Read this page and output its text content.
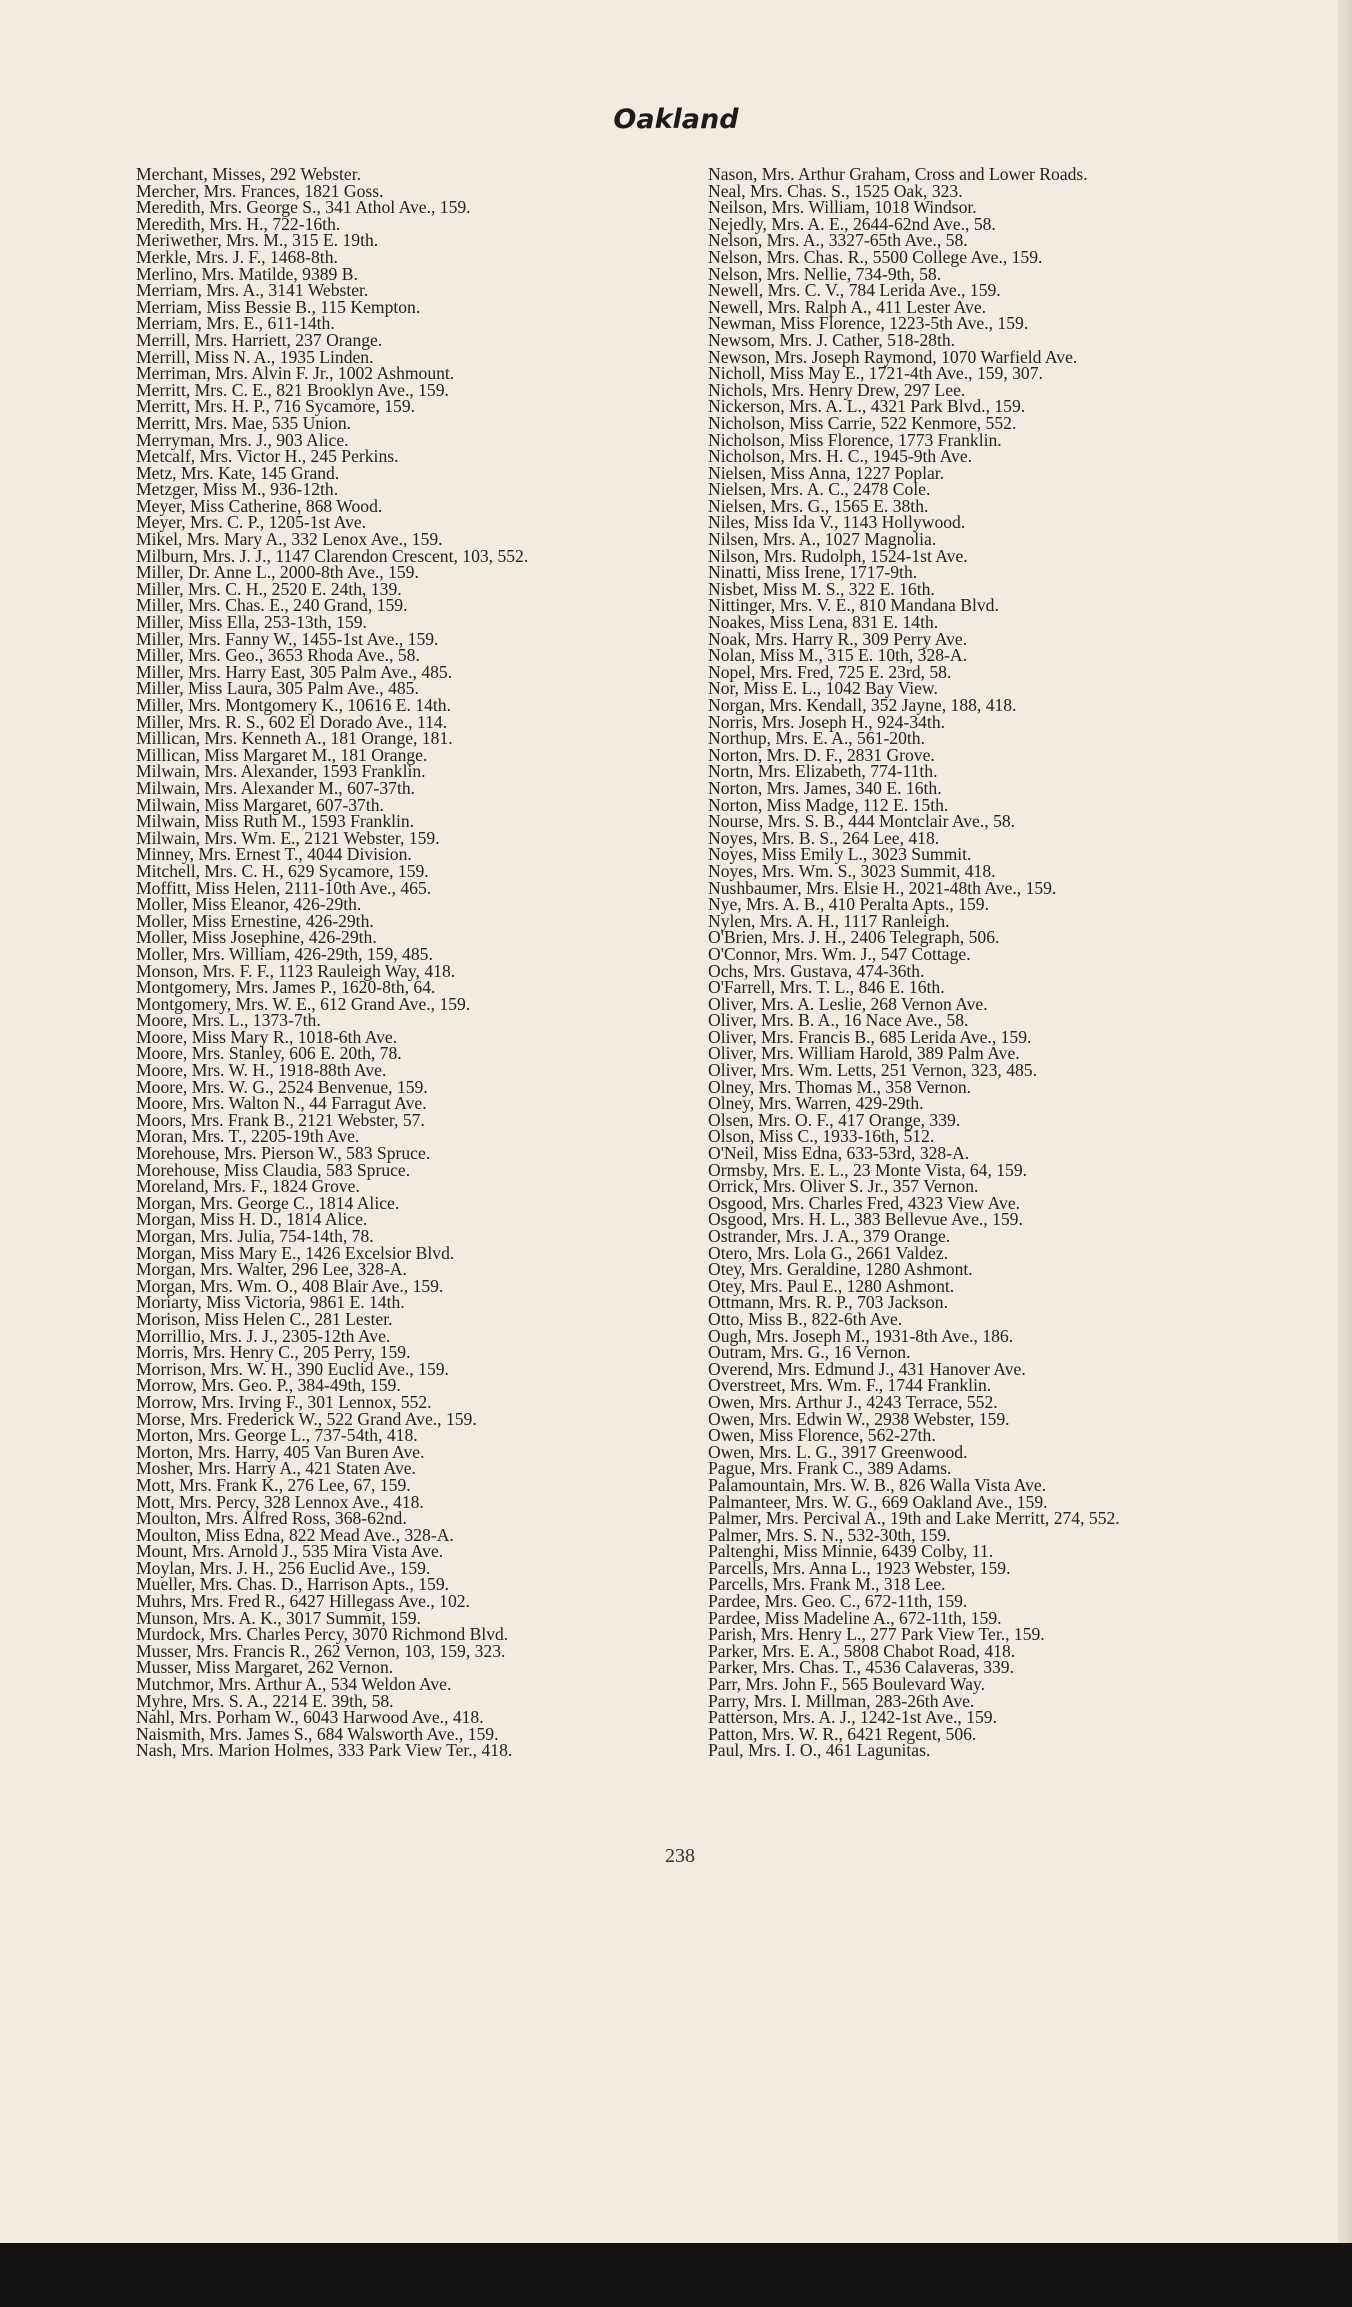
Oakland
Merchant, Misses, 292 Webster.
Mercher, Mrs. Frances, 1821 Goss.
Meredith, Mrs. George S., 341 Athol Ave., 159.
Meredith, Mrs. H., 722-16th.
Meriwether, Mrs. M., 315 E. 19th.
Merkle, Mrs. J. F., 1468-8th.
Merlino, Mrs. Matilde, 9389 B.
Merriam, Mrs. A., 3141 Webster.
Merriam, Miss Bessie B., 115 Kempton.
Merriam, Mrs. E., 611-14th.
Merrill, Mrs. Harriett, 237 Orange.
Merrill, Miss N. A., 1935 Linden.
Merriman, Mrs. Alvin F. Jr., 1002 Ashmount.
Merritt, Mrs. C. E., 821 Brooklyn Ave., 159.
Merritt, Mrs. H. P., 716 Sycamore, 159.
Merritt, Mrs. Mae, 535 Union.
Merryman, Mrs. J., 903 Alice.
Metcalf, Mrs. Victor H., 245 Perkins.
Metz, Mrs. Kate, 145 Grand.
Metzger, Miss M., 936-12th.
Meyer, Miss Catherine, 868 Wood.
Meyer, Mrs. C. P., 1205-1st Ave.
Mikel, Mrs. Mary A., 332 Lenox Ave., 159.
Milburn, Mrs. J. J., 1147 Clarendon Crescent, 103, 552.
Miller, Dr. Anne L., 2000-8th Ave., 159.
Miller, Mrs. C. H., 2520 E. 24th, 139.
Miller, Mrs. Chas. E., 240 Grand, 159.
Miller, Miss Ella, 253-13th, 159.
Miller, Mrs. Fanny W., 1455-1st Ave., 159.
Miller, Mrs. Geo., 3653 Rhoda Ave., 58.
Miller, Mrs. Harry East, 305 Palm Ave., 485.
Miller, Miss Laura, 305 Palm Ave., 485.
Miller, Mrs. Montgomery K., 10616 E. 14th.
Miller, Mrs. R. S., 602 El Dorado Ave., 114.
Millican, Mrs. Kenneth A., 181 Orange, 181.
Millican, Miss Margaret M., 181 Orange.
Milwain, Mrs. Alexander, 1593 Franklin.
Milwain, Mrs. Alexander M., 607-37th.
Milwain, Miss Margaret, 607-37th.
Milwain, Miss Ruth M., 1593 Franklin.
Milwain, Mrs. Wm. E., 2121 Webster, 159.
Minney, Mrs. Ernest T., 4044 Division.
Mitchell, Mrs. C. H., 629 Sycamore, 159.
Moffitt, Miss Helen, 2111-10th Ave., 465.
Moller, Miss Eleanor, 426-29th.
Moller, Miss Ernestine, 426-29th.
Moller, Miss Josephine, 426-29th.
Moller, Mrs. William, 426-29th, 159, 485.
Monson, Mrs. F. F., 1123 Rauleigh Way, 418.
Montgomery, Mrs. James P., 1620-8th, 64.
Montgomery, Mrs. W. E., 612 Grand Ave., 159.
Moore, Mrs. L., 1373-7th.
Moore, Miss Mary R., 1018-6th Ave.
Moore, Mrs. Stanley, 606 E. 20th, 78.
Moore, Mrs. W. H., 1918-88th Ave.
Moore, Mrs. W. G., 2524 Benvenue, 159.
Moore, Mrs. Walton N., 44 Farragut Ave.
Moors, Mrs. Frank B., 2121 Webster, 57.
Moran, Mrs. T., 2205-19th Ave.
Morehouse, Mrs. Pierson W., 583 Spruce.
Morehouse, Miss Claudia, 583 Spruce.
Moreland, Mrs. F., 1824 Grove.
Morgan, Mrs. George C., 1814 Alice.
Morgan, Miss H. D., 1814 Alice.
Morgan, Mrs. Julia, 754-14th, 78.
Morgan, Miss Mary E., 1426 Excelsior Blvd.
Morgan, Mrs. Walter, 296 Lee, 328-A.
Morgan, Mrs. Wm. O., 408 Blair Ave., 159.
Moriarty, Miss Victoria, 9861 E. 14th.
Morison, Miss Helen C., 281 Lester.
Morrillio, Mrs. J. J., 2305-12th Ave.
Morris, Mrs. Henry C., 205 Perry, 159.
Morrison, Mrs. W. H., 390 Euclid Ave., 159.
Morrow, Mrs. Geo. P., 384-49th, 159.
Morrow, Mrs. Irving F., 301 Lennox, 552.
Morse, Mrs. Frederick W., 522 Grand Ave., 159.
Morton, Mrs. George L., 737-54th, 418.
Morton, Mrs. Harry, 405 Van Buren Ave.
Mosher, Mrs. Harry A., 421 Staten Ave.
Mott, Mrs. Frank K., 276 Lee, 67, 159.
Mott, Mrs. Percy, 328 Lennox Ave., 418.
Moulton, Mrs. Alfred Ross, 368-62nd.
Moulton, Miss Edna, 822 Mead Ave., 328-A.
Mount, Mrs. Arnold J., 535 Mira Vista Ave.
Moylan, Mrs. J. H., 256 Euclid Ave., 159.
Mueller, Mrs. Chas. D., Harrison Apts., 159.
Muhrs, Mrs. Fred R., 6427 Hillegass Ave., 102.
Munson, Mrs. A. K., 3017 Summit, 159.
Murdock, Mrs. Charles Percy, 3070 Richmond Blvd.
Musser, Mrs. Francis R., 262 Vernon, 103, 159, 323.
Musser, Miss Margaret, 262 Vernon.
Mutchmor, Mrs. Arthur A., 534 Weldon Ave.
Myhre, Mrs. S. A., 2214 E. 39th, 58.
Nahl, Mrs. Porham W., 6043 Harwood Ave., 418.
Naismith, Mrs. James S., 684 Walsworth Ave., 159.
Nash, Mrs. Marion Holmes, 333 Park View Ter., 418.
Nason, Mrs. Arthur Graham, Cross and Lower Roads.
Neal, Mrs. Chas. S., 1525 Oak, 323.
Neilson, Mrs. William, 1018 Windsor.
Nejedly, Mrs. A. E., 2644-62nd Ave., 58.
Nelson, Mrs. A., 3327-65th Ave., 58.
Nelson, Mrs. Chas. R., 5500 College Ave., 159.
Nelson, Mrs. Nellie, 734-9th, 58.
Newell, Mrs. C. V., 784 Lerida Ave., 159.
Newell, Mrs. Ralph A., 411 Lester Ave.
Newman, Miss Florence, 1223-5th Ave., 159.
Newsom, Mrs. J. Cather, 518-28th.
Newson, Mrs. Joseph Raymond, 1070 Warfield Ave.
Nicholl, Miss May E., 1721-4th Ave., 159, 307.
Nichols, Mrs. Henry Drew, 297 Lee.
Nickerson, Mrs. A. L., 4321 Park Blvd., 159.
Nicholson, Miss Carrie, 522 Kenmore, 552.
Nicholson, Miss Florence, 1773 Franklin.
Nicholson, Mrs. H. C., 1945-9th Ave.
Nielsen, Miss Anna, 1227 Poplar.
Nielsen, Mrs. A. C., 2478 Cole.
Nielsen, Mrs. G., 1565 E. 38th.
Niles, Miss Ida V., 1143 Hollywood.
Nilsen, Mrs. A., 1027 Magnolia.
Nilson, Mrs. Rudolph, 1524-1st Ave.
Ninatti, Miss Irene, 1717-9th.
Nisbet, Miss M. S., 322 E. 16th.
Nittinger, Mrs. V. E., 810 Mandana Blvd.
Noakes, Miss Lena, 831 E. 14th.
Noak, Mrs. Harry R., 309 Perry Ave.
Nolan, Miss M., 315 E. 10th, 328-A.
Nopel, Mrs. Fred, 725 E. 23rd, 58.
Nor, Miss E. L., 1042 Bay View.
Norgan, Mrs. Kendall, 352 Jayne, 188, 418.
Norris, Mrs. Joseph H., 924-34th.
Northup, Mrs. E. A., 561-20th.
Norton, Mrs. D. F., 2831 Grove.
Nortn, Mrs. Elizabeth, 774-11th.
Norton, Mrs. James, 340 E. 16th.
Norton, Miss Madge, 112 E. 15th.
Nourse, Mrs. S. B., 444 Montclair Ave., 58.
Noyes, Mrs. B. S., 264 Lee, 418.
Noyes, Miss Emily L., 3023 Summit.
Noyes, Mrs. Wm. S., 3023 Summit, 418.
Nushbaumer, Mrs. Elsie H., 2021-48th Ave., 159.
Nye, Mrs. A. B., 410 Peralta Apts., 159.
Nylen, Mrs. A. H., 1117 Ranleigh.
O'Brien, Mrs. J. H., 2406 Telegraph, 506.
O'Connor, Mrs. Wm. J., 547 Cottage.
Ochs, Mrs. Gustava, 474-36th.
O'Farrell, Mrs. T. L., 846 E. 16th.
Oliver, Mrs. A. Leslie, 268 Vernon Ave.
Oliver, Mrs. B. A., 16 Nace Ave., 58.
Oliver, Mrs. Francis B., 685 Lerida Ave., 159.
Oliver, Mrs. William Harold, 389 Palm Ave.
Oliver, Mrs. Wm. Letts, 251 Vernon, 323, 485.
Olney, Mrs. Thomas M., 358 Vernon.
Olney, Mrs. Warren, 429-29th.
Olsen, Mrs. O. F., 417 Orange, 339.
Olson, Miss C., 1933-16th, 512.
O'Neil, Miss Edna, 633-53rd, 328-A.
Ormsby, Mrs. E. L., 23 Monte Vista, 64, 159.
Orrick, Mrs. Oliver S. Jr., 357 Vernon.
Osgood, Mrs. Charles Fred, 4323 View Ave.
Osgood, Mrs. H. L., 383 Bellevue Ave., 159.
Ostrander, Mrs. J. A., 379 Orange.
Otero, Mrs. Lola G., 2661 Valdez.
Otey, Mrs. Geraldine, 1280 Ashmont.
Otey, Mrs. Paul E., 1280 Ashmont.
Ottmann, Mrs. R. P., 703 Jackson.
Otto, Miss B., 822-6th Ave.
Ough, Mrs. Joseph M., 1931-8th Ave., 186.
Outram, Mrs. G., 16 Vernon.
Overend, Mrs. Edmund J., 431 Hanover Ave.
Overstreet, Mrs. Wm. F., 1744 Franklin.
Owen, Mrs. Arthur J., 4243 Terrace, 552.
Owen, Mrs. Edwin W., 2938 Webster, 159.
Owen, Miss Florence, 562-27th.
Owen, Mrs. L. G., 3917 Greenwood.
Pague, Mrs. Frank C., 389 Adams.
Palamountain, Mrs. W. B., 826 Walla Vista Ave.
Palmanteer, Mrs. W. G., 669 Oakland Ave., 159.
Palmer, Mrs. Percival A., 19th and Lake Merritt, 274, 552.
Palmer, Mrs. S. N., 532-30th, 159.
Paltenghi, Miss Minnie, 6439 Colby, 11.
Parcells, Mrs. Anna L., 1923 Webster, 159.
Parcells, Mrs. Frank M., 318 Lee.
Pardee, Mrs. Geo. C., 672-11th, 159.
Pardee, Miss Madeline A., 672-11th, 159.
Parish, Mrs. Henry L., 277 Park View Ter., 159.
Parker, Mrs. E. A., 5808 Chabot Road, 418.
Parker, Mrs. Chas. T., 4536 Calaveras, 339.
Parr, Mrs. John F., 565 Boulevard Way.
Parry, Mrs. I. Millman, 283-26th Ave.
Patterson, Mrs. A. J., 1242-1st Ave., 159.
Patton, Mrs. W. R., 6421 Regent, 506.
Paul, Mrs. I. O., 461 Lagunitas.
238
